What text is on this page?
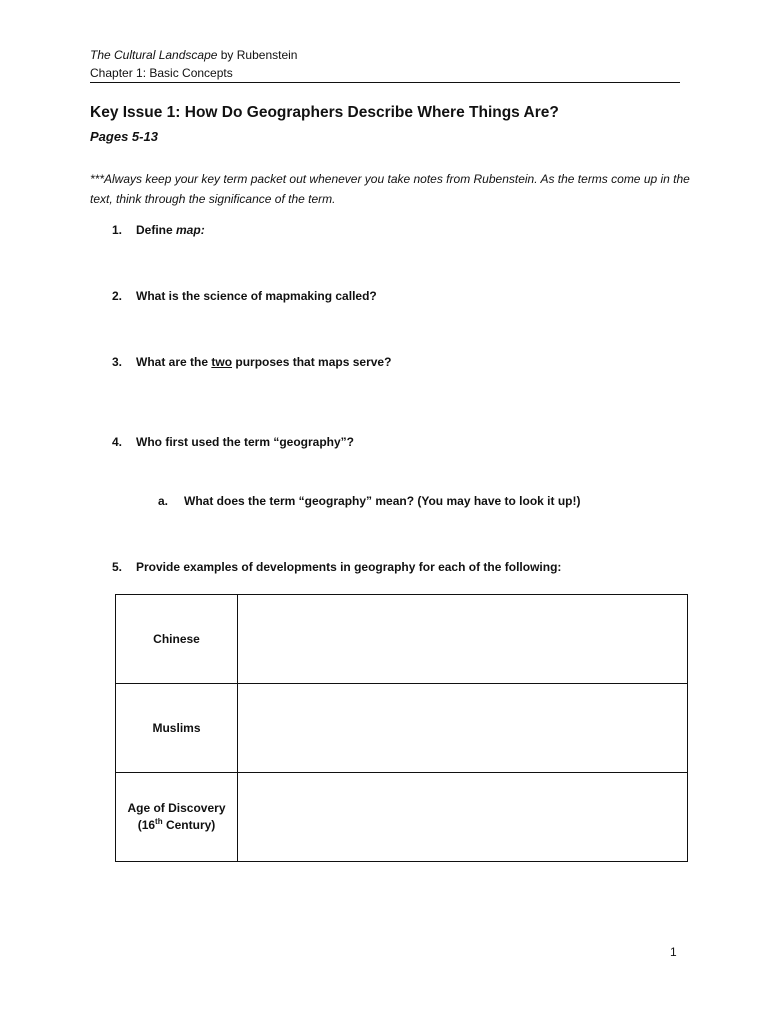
The Cultural Landscape by Rubenstein
Chapter 1: Basic Concepts
Key Issue 1: How Do Geographers Describe Where Things Are?
Pages 5-13
***Always keep your key term packet out whenever you take notes from Rubenstein. As the terms come up in the text, think through the significance of the term.
1. Define map:
2. What is the science of mapmaking called?
3. What are the two purposes that maps serve?
4. Who first used the term “geography”?
a. What does the term “geography” mean? (You may have to look it up!)
5. Provide examples of developments in geography for each of the following:
Chinese	
Muslims	
Age of Discovery
(16th Century)	
1
